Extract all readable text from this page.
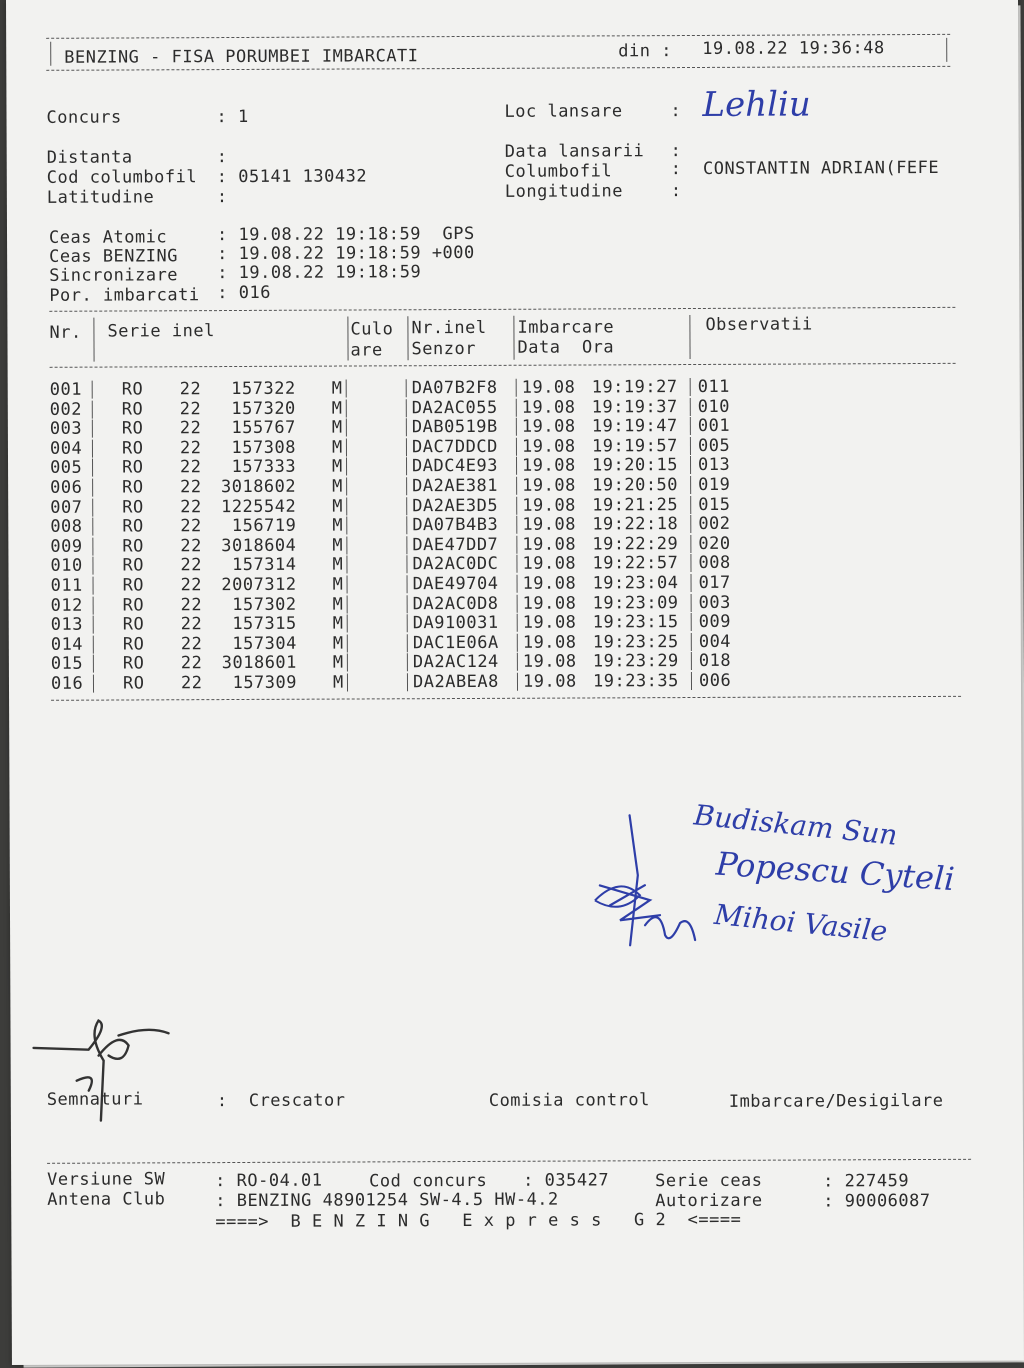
BENZING - FISA PORUMBEI IMBARCATI	din : 19.08.22 19:36:48
Concurs	: 1	Loc lansare	: Lehliu
Distanta	:
Cod columbofil : 05141 130432
Latitudine	:
Data lansarii :
Columbofil	:  CONSTANTIN ADRIAN(FEFE
Longitudine	:
Ceas Atomic	: 19.08.22 19:18:59  GPS
Ceas BENZING : 19.08.22 19:18:59 +000
Sincronizare : 19.08.22 19:18:59
Por. imbarcati : 016
Nr. Serie inel	Culo
are
Nr.inel
Senzor
Imbarcare
Data  Ora
Observatii
001 RO 22	157322 M	DA07B2F8 19.08 19:19:27 011
002 RO 22	157320 M	DA2AC055 19.08 19:19:37 010
003 RO 22	155767 M	DAB0519B 19.08 19:19:47 001
004 RO 22	157308 M	DAC7DDCD 19.08 19:19:57 005
005 RO 22	157333 M	DADC4E93 19.08 19:20:15 013
006 RO 22	3018602 M	DA2AE381 19.08 19:20:50 019
007 RO 22	1225542 M	DA2AE3D5 19.08 19:21:25 015
008 RO 22	156719 M	DA07B4B3 19.08 19:22:18 002
009 RO 22	3018604 M	DAE47DD7 19.08 19:22:29 020
010 RO 22	157314 M	DA2AC0DC 19.08 19:22:57 008
011 RO 22	2007312 M	DAE49704 19.08 19:23:04 017
012 RO 22	157302 M	DA2AC0D8 19.08 19:23:09 003
013 RO 22	157315 M	DA910031 19.08 19:23:15 009
014 RO 22	157304 M	DAC1E06A 19.08 19:23:25 004
015 RO 22	3018601 M	DA2AC124 19.08 19:23:29 018
016 RO 22	157309 M	DA2ABEA8 19.08 19:23:35 006
Budiskam Sun
Popescu Cyteli
Mihoi Vasile
Semnaturi	: Crescator	Comisia control	Imbarcare/Desigilare
Versiune SW	: RO-04.01	Cod concurs : 035427	Serie ceas	: 227459
Antena Club	: BENZING 48901254 SW-4.5 HW-4.2	Autorizare	: 90006087
====>  B E N Z I N G   E x p r e s s   G 2  <====
